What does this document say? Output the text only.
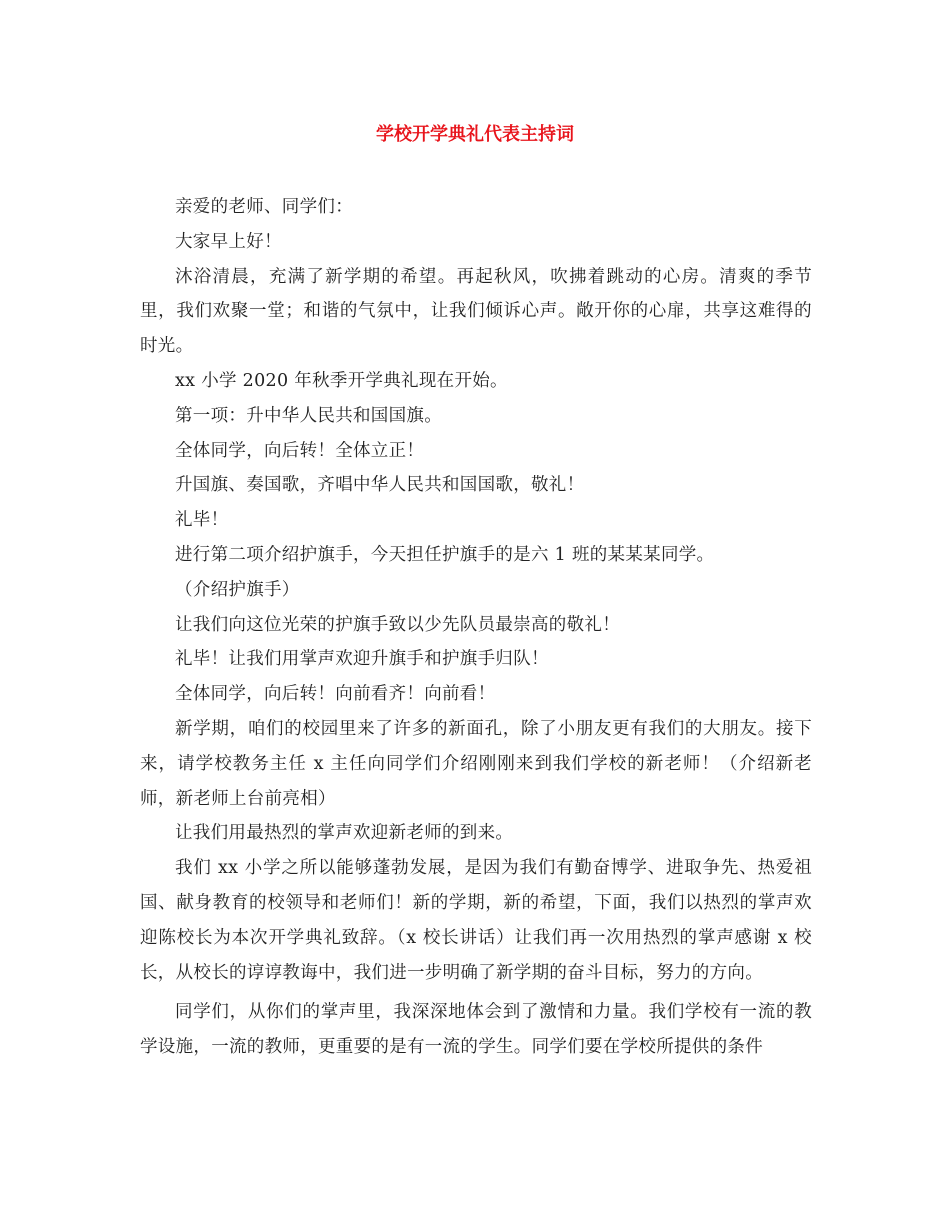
学校开学典礼代表主持词

亲爱的老师、同学们：

大家早上好！

沐浴清晨，充满了新学期的希望。再起秋风，吹拂着跳动的心房。清爽的季节里，我们欢聚一堂；和谐的气氛中，让我们倾诉心声。敞开你的心扉，共享这难得的时光。

xx 小学 2020 年秋季开学典礼现在开始。

第一项：升中华人民共和国国旗。

全体同学，向后转！全体立正！

升国旗、奏国歌，齐唱中华人民共和国国歌，敬礼！

礼毕！

进行第二项介绍护旗手，今天担任护旗手的是六 1 班的某某某同学。

（介绍护旗手）

让我们向这位光荣的护旗手致以少先队员最崇高的敬礼！

礼毕！让我们用掌声欢迎升旗手和护旗手归队！

全体同学，向后转！向前看齐！向前看！

新学期，咱们的校园里来了许多的新面孔，除了小朋友更有我们的大朋友。接下来，请学校教务主任 x 主任向同学们介绍刚刚来到我们学校的新老师！（介绍新老师，新老师上台前亮相）

让我们用最热烈的掌声欢迎新老师的到来。

我们 xx 小学之所以能够蓬勃发展，是因为我们有勤奋博学、进取争先、热爱祖国、献身教育的校领导和老师们！新的学期，新的希望，下面，我们以热烈的掌声欢迎陈校长为本次开学典礼致辞。（x 校长讲话）让我们再一次用热烈的掌声感谢 x 校长，从校长的谆谆教诲中，我们进一步明确了新学期的奋斗目标，努力的方向。

同学们，从你们的掌声里，我深深地体会到了激情和力量。我们学校有一流的教学设施，一流的教师，更重要的是有一流的学生。同学们要在学校所提供的条件
